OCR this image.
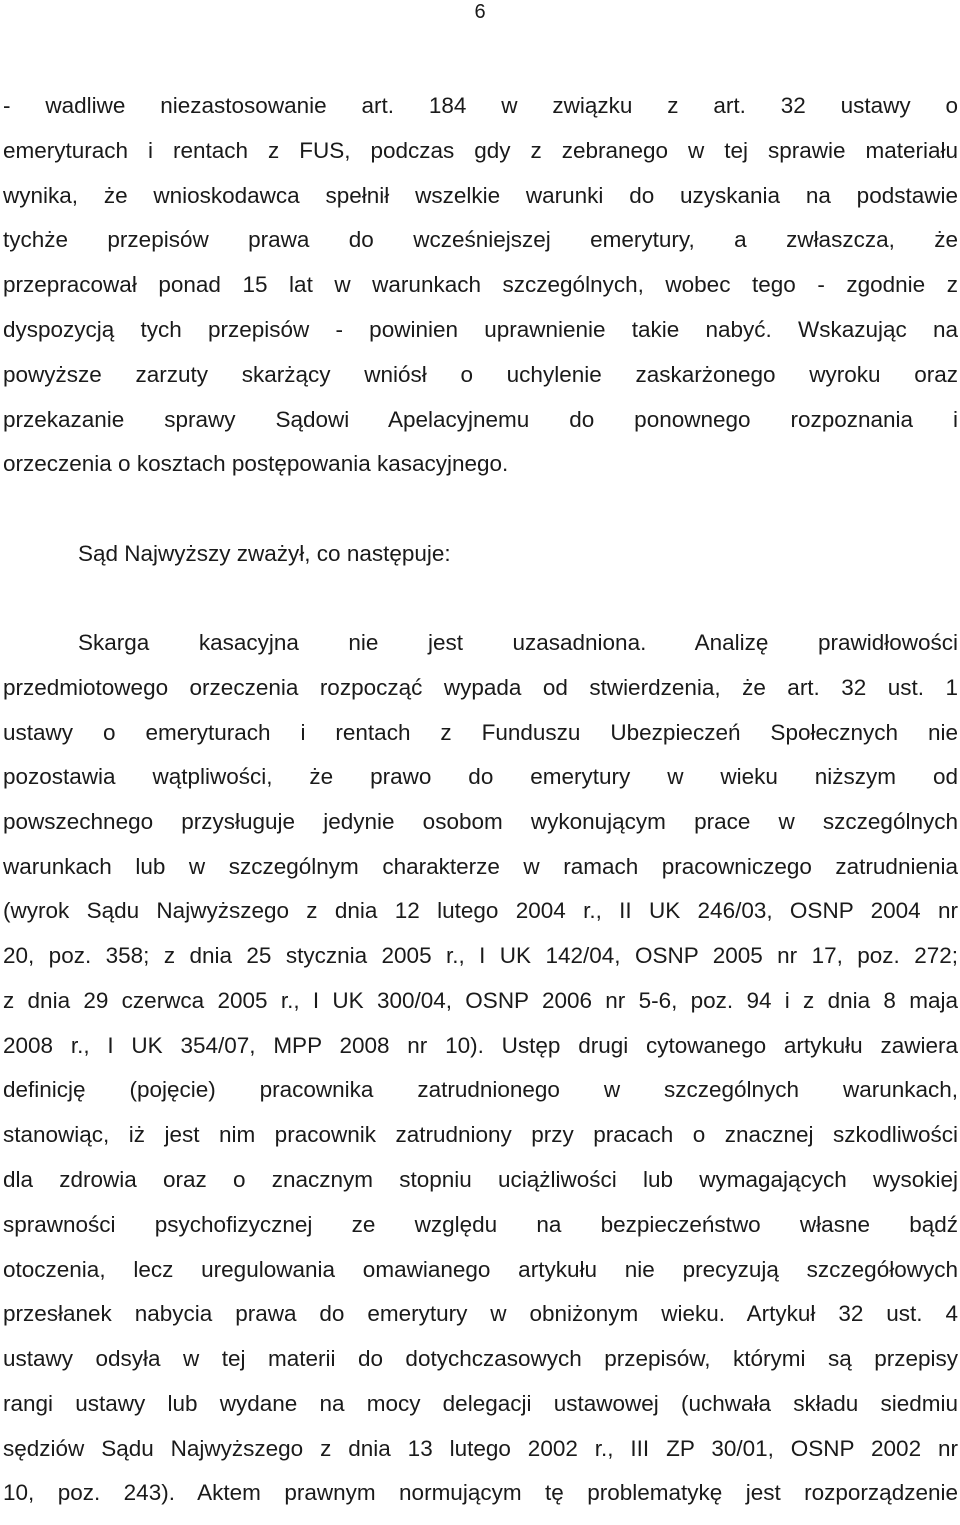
6
- wadliwe niezastosowanie art. 184 w związku z art. 32 ustawy o
emeryturach i rentach z FUS, podczas gdy z zebranego w tej sprawie materiału
wynika, że wnioskodawca spełnił wszelkie warunki do uzyskania na podstawie
tychże przepisów prawa do wcześniejszej emerytury, a zwłaszcza, że
przepracował ponad 15 lat w warunkach szczególnych, wobec tego - zgodnie z
dyspozycją tych przepisów - powinien uprawnienie takie nabyć. Wskazując na
powyższe zarzuty skarżący wniósł o uchylenie zaskarżonego wyroku oraz
przekazanie sprawy Sądowi Apelacyjnemu do ponownego rozpoznania i
orzeczenia o kosztach postępowania kasacyjnego.
Sąd Najwyższy zważył, co następuje:
Skarga kasacyjna nie jest uzasadniona. Analizę prawidłowości
przedmiotowego orzeczenia rozpocząć wypada od stwierdzenia, że art. 32 ust. 1
ustawy o emeryturach i rentach z Funduszu Ubezpieczeń Społecznych nie
pozostawia wątpliwości, że prawo do emerytury w wieku niższym od
powszechnego przysługuje jedynie osobom wykonującym prace w szczególnych
warunkach lub w szczególnym charakterze w ramach pracowniczego zatrudnienia
(wyrok Sądu Najwyższego z dnia 12 lutego 2004 r., II UK 246/03, OSNP 2004 nr
20, poz. 358; z dnia 25 stycznia 2005 r., I UK 142/04, OSNP 2005 nr 17, poz. 272;
z dnia 29 czerwca 2005 r., I UK 300/04, OSNP 2006 nr 5-6, poz. 94 i z dnia 8 maja
2008 r., I UK 354/07, MPP 2008 nr 10). Ustęp drugi cytowanego artykułu zawiera
definicję (pojęcie) pracownika zatrudnionego w szczególnych warunkach,
stanowiąc, iż jest nim pracownik zatrudniony przy pracach o znacznej szkodliwości
dla zdrowia oraz o znacznym stopniu uciążliwości lub wymagających wysokiej
sprawności psychofizycznej ze względu na bezpieczeństwo własne bądź
otoczenia, lecz uregulowania omawianego artykułu nie precyzują szczegółowych
przesłanek nabycia prawa do emerytury w obniżonym wieku. Artykuł 32 ust. 4
ustawy odsyła w tej materii do dotychczasowych przepisów, którymi są przepisy
rangi ustawy lub wydane na mocy delegacji ustawowej (uchwała składu siedmiu
sędziów Sądu Najwyższego z dnia 13 lutego 2002 r., III ZP 30/01, OSNP 2002 nr
10, poz. 243). Aktem prawnym normującym tę problematykę jest rozporządzenie
